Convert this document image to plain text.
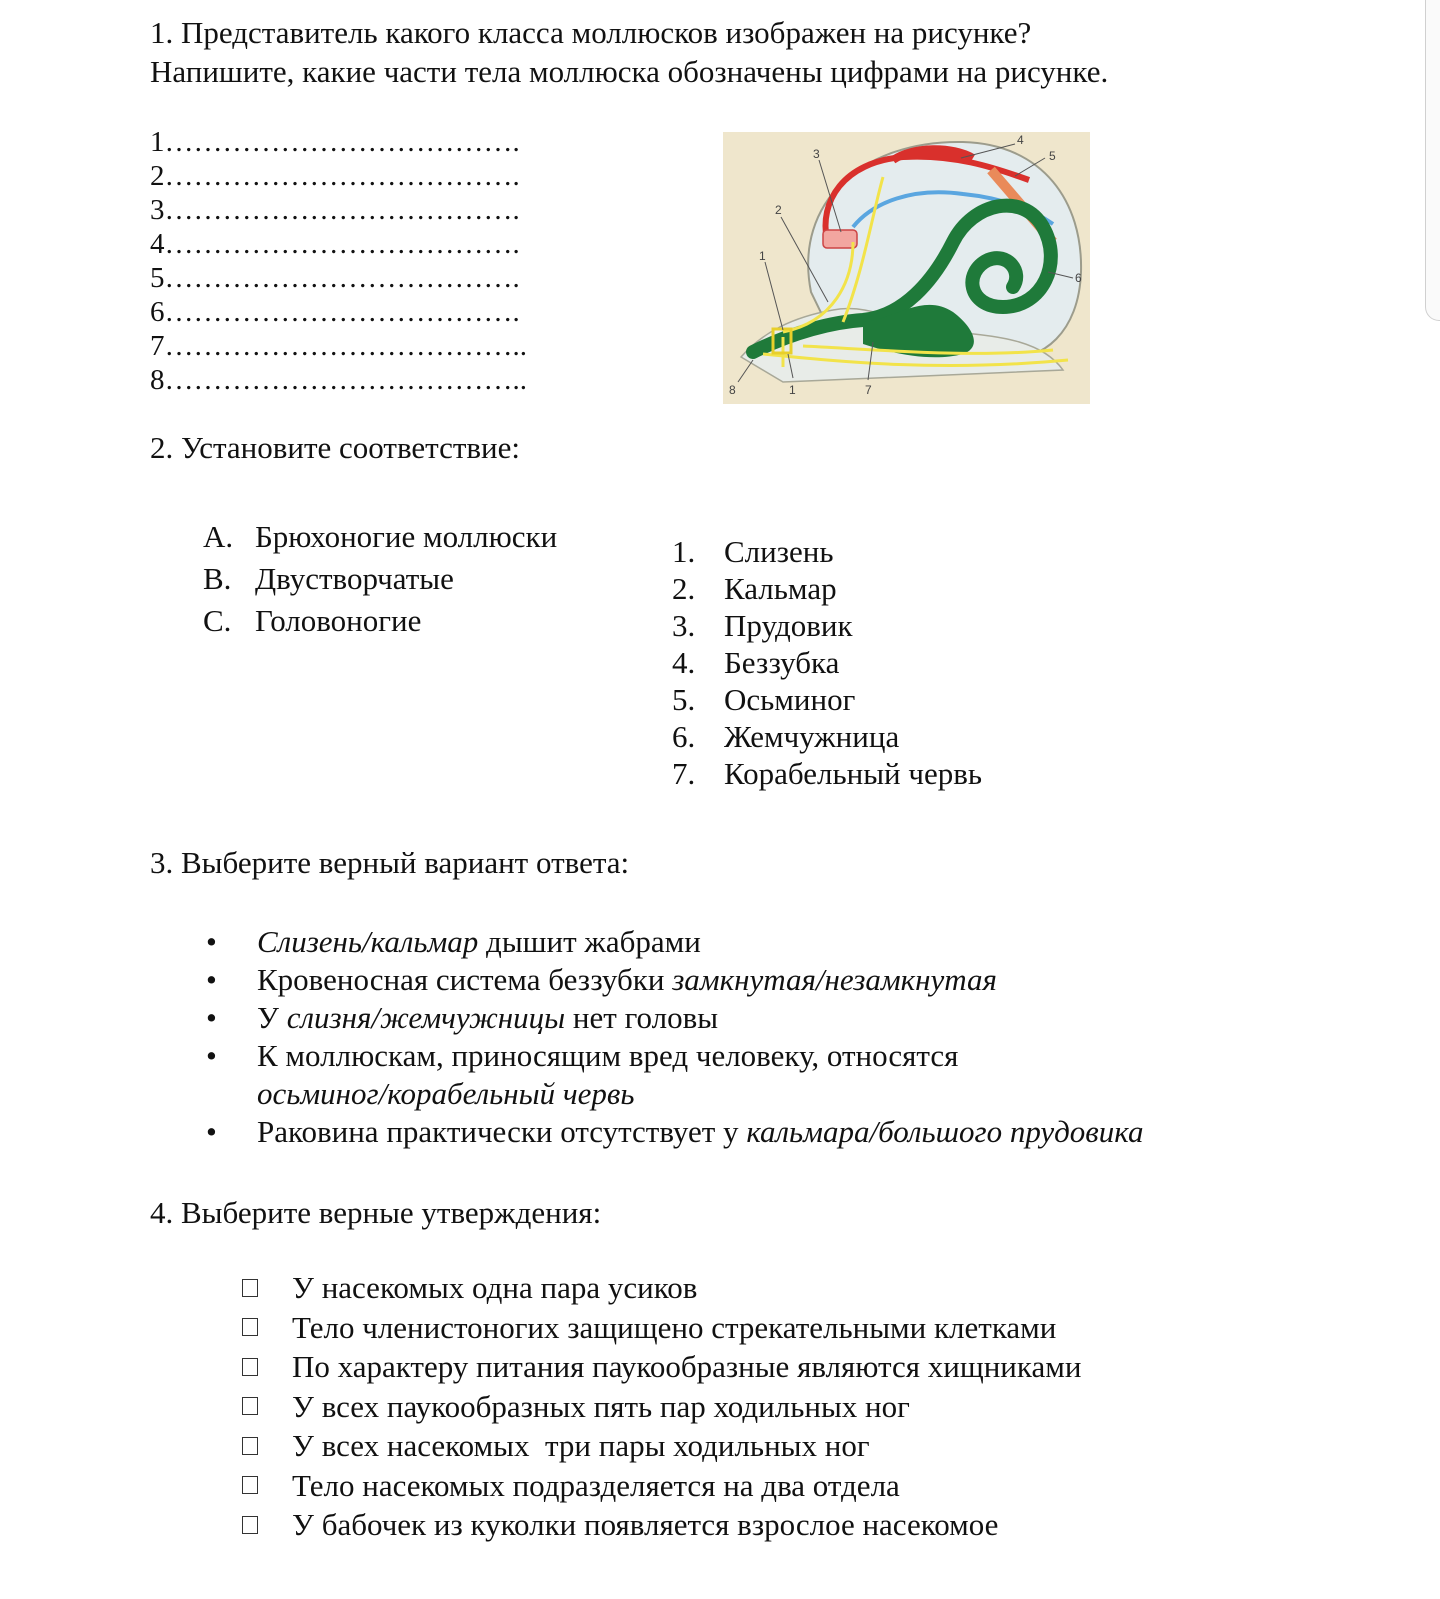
1. Представитель какого класса моллюсков изображен на рисунке?
Напишите, какие части тела моллюска обозначены цифрами на рисунке.
1……………………………….
2……………………………….
3……………………………….
4……………………………….
5……………………………….
6……………………………….
7………………………………..
8………………………………..
1
2
3
4
5
6
7
8	1
2. Установите соответствие:
A. Брюхоногие моллюски
B. Двустворчатые
C. Головоногие
1. Слизень
2. Кальмар
3. Прудовик
4. Беззубка
5. Осьминог
6. Жемчужница
7. Корабельный червь
3. Выберите верный вариант ответа:
•	Слизень/кальмар дышит жабрами
•	Кровеносная система беззубки замкнутая/незамкнутая
•	У слизня/жемчужницы нет головы
•	К моллюскам, приносящим вред человеку, относятся осьминог/корабельный червь
•	Раковина практически отсутствует у кальмара/большого прудовика
4. Выберите верные утверждения:
У насекомых одна пара усиков
Тело членистоногих защищено стрекательными клетками
По характеру питания паукообразные являются хищниками
У всех паукообразных пять пар ходильных ног
У всех насекомых  три пары ходильных ног
Тело насекомых подразделяется на два отдела
У бабочек из куколки появляется взрослое насекомое
